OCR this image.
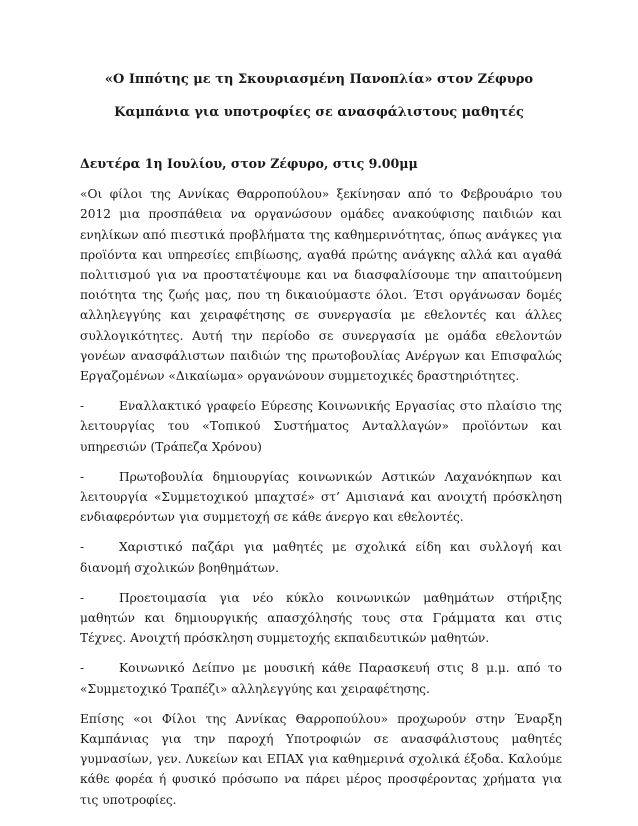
«Ο Ιππότης με τη Σκουριασμένη Πανοπλία» στον Ζέφυρο
Καμπάνια για υποτροφίες σε ανασφάλιστους μαθητές

Δευτέρα 1η Ιουλίου, στον Ζέφυρο, στις 9.00μμ

«Οι φίλοι της Αννίκας Θαρροπούλου» ξεκίνησαν από το Φεβρουάριο του 2012 μια προσπάθεια να οργανώσουν ομάδες ανακούφισης παιδιών και ενηλίκων από πιεστικά προβλήματα της καθημερινότητας, όπως ανάγκες για προϊόντα και υπηρεσίες επιβίωσης, αγαθά πρώτης ανάγκης αλλά και αγαθά πολιτισμού για να προστατέψουμε και να διασφαλίσουμε την απαιτούμενη ποιότητα της ζωής μας, που τη δικαιούμαστε όλοι. Έτσι οργάνωσαν δομές αλληλεγγύης και χειραφέτησης σε συνεργασία με εθελοντές και άλλες συλλογικότητες. Αυτή την περίοδο σε συνεργασία με ομάδα εθελοντών γονέων ανασφάλιστων παιδιών της πρωτοβουλίας Ανέργων και Επισφαλώς Εργαζομένων «Δικαίωμα» οργανώνουν συμμετοχικές δραστηριότητες.

-	Εναλλακτικό γραφείο Εύρεσης Κοινωνικής Εργασίας στο πλαίσιο της λειτουργίας του «Τοπικού Συστήματος Ανταλλαγών» προϊόντων και υπηρεσιών (Τράπεζα Χρόνου)

-	Πρωτοβουλία δημιουργίας κοινωνικών Αστικών Λαχανόκηπων και λειτουργία «Συμμετοχικού μπαχτσέ» στ’ Αμισιανά και ανοιχτή πρόσκληση ενδιαφερόντων για συμμετοχή σε κάθε άνεργο και εθελοντές.

-	Χαριστικό παζάρι για μαθητές με σχολικά είδη και συλλογή και διανομή σχολικών βοηθημάτων.

-	Προετοιμασία για νέο κύκλο κοινωνικών μαθημάτων στήριξης μαθητών και δημιουργικής απασχόλησής τους στα Γράμματα και στις Τέχνες. Ανοιχτή πρόσκληση συμμετοχής εκπαιδευτικών μαθητών.

-	Κοινωνικό Δείπνο με μουσική κάθε Παρασκευή στις 8 μ.μ. από το «Συμμετοχικό Τραπέζι» αλληλεγγύης και χειραφέτησης.

Επίσης «οι Φίλοι της Αννίκας Θαρροπούλου» προχωρούν στην Έναρξη Καμπάνιας για την παροχή Υποτροφιών σε ανασφάλιστους μαθητές γυμνασίων, γεν. Λυκείων και ΕΠΑΧ για καθημερινά σχολικά έξοδα. Καλούμε κάθε φορέα ή φυσικό πρόσωπο να πάρει μέρος προσφέροντας χρήματα για τις υποτροφίες.
